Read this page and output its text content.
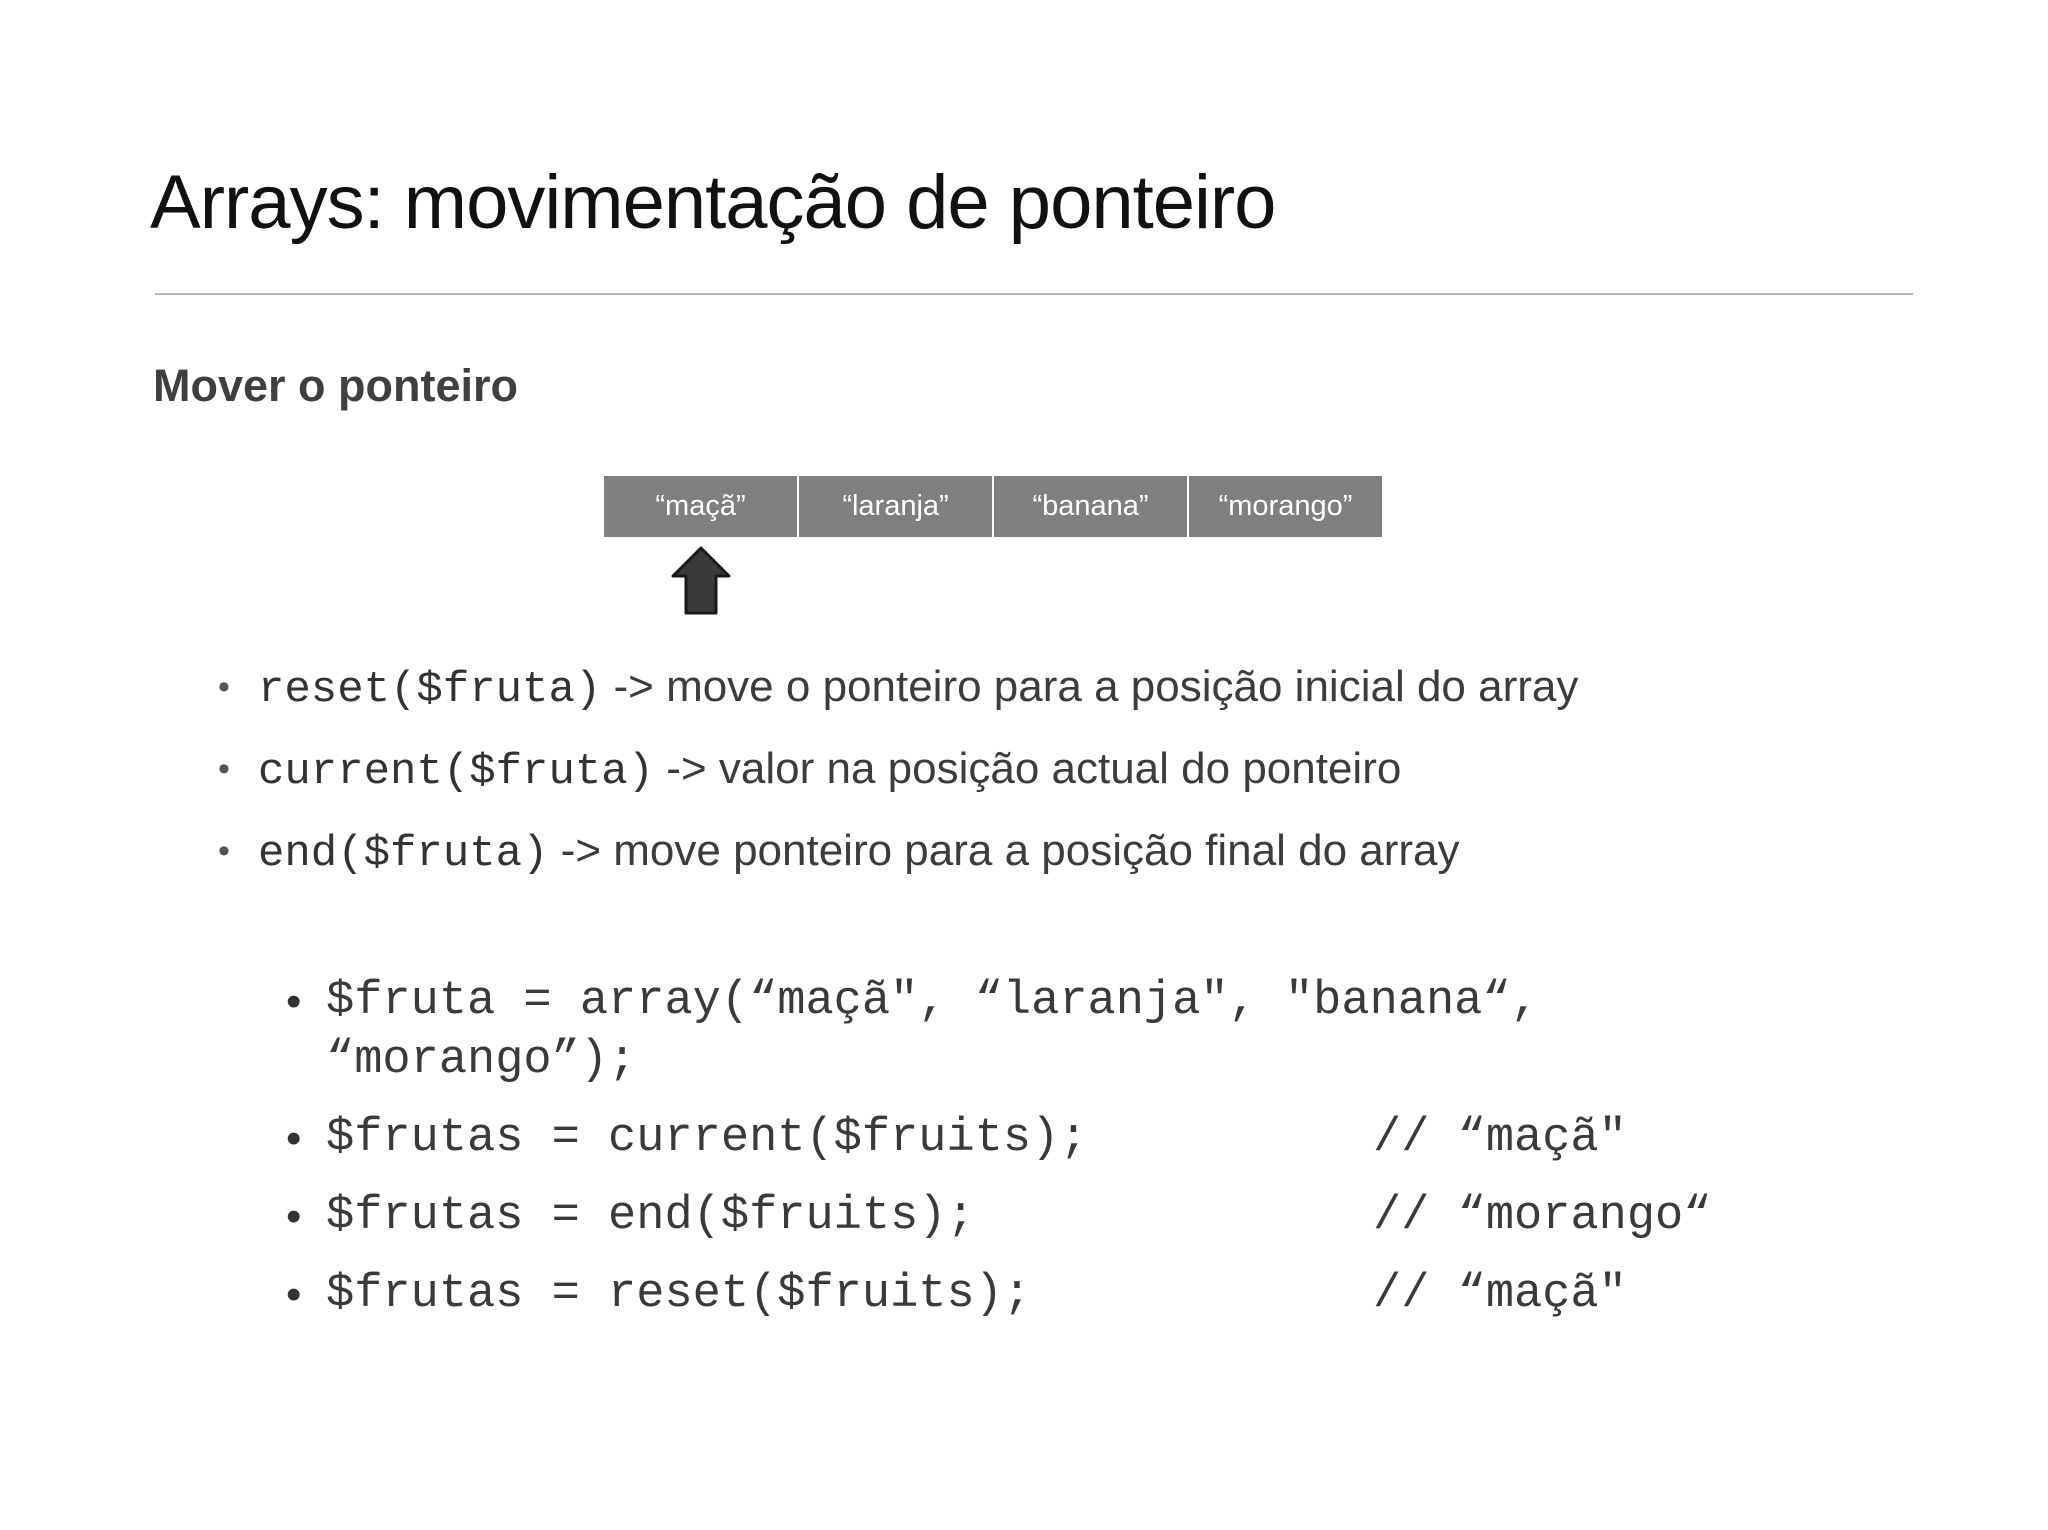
Arrays: movimentação de ponteiro
Mover o ponteiro
“maçã”	“laranja”	“banana”	“morango”
• reset($fruta) -> move o ponteiro para a posição inicial do array
• current($fruta) -> valor na posição actual do ponteiro
• end($fruta) -> move ponteiro para a posição final do array

•

$fruta = array(“maçã", “laranja", "banana“,
“morango”);

•

$frutas = current($fruits);

	// “maçã"

•

$frutas = end($fruits);

	// “morango“

•

$frutas = reset($fruits);

	// “maçã"
